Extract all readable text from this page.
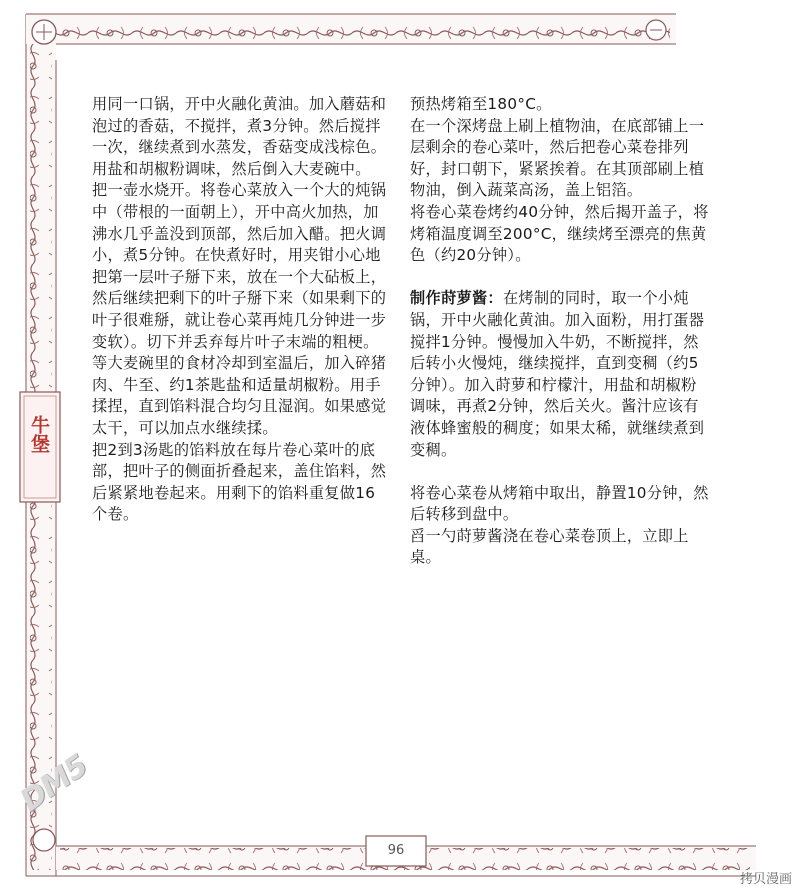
牛堡

用同一口锅，开中火融化黄油。加入蘑菇和泡过的香菇，不搅拌，煮3分钟。然后搅拌一次，继续煮到水蒸发，香菇变成浅棕色。用盐和胡椒粉调味，然后倒入大麦碗中。

把一壶水烧开。将卷心菜放入一个大的炖锅中（带根的一面朝上），开中高火加热，加沸水几乎盖没到顶部，然后加入醋。把火调小，煮5分钟。在快煮好时，用夹钳小心地把第一层叶子掰下来，放在一个大砧板上，然后继续把剩下的叶子掰下来（如果剩下的叶子很难掰，就让卷心菜再炖几分钟进一步变软）。切下并丢弃每片叶子末端的粗梗。

等大麦碗里的食材冷却到室温后，加入碎猪肉、牛至、约1茶匙盐和适量胡椒粉。用手揉捏，直到馅料混合均匀且湿润。如果感觉太干，可以加点水继续揉。

把2到3汤匙的馅料放在每片卷心菜叶的底部，把叶子的侧面折叠起来，盖住馅料，然后紧紧地卷起来。用剩下的馅料重复做16个卷。

预热烤箱至180°C。

在一个深烤盘上刷上植物油，在底部铺上一层剩余的卷心菜叶，然后把卷心菜卷排列好，封口朝下，紧紧挨着。在其顶部刷上植物油，倒入蔬菜高汤，盖上铝箔。

将卷心菜卷烤约40分钟，然后揭开盖子，将烤箱温度调至200°C，继续烤至漂亮的焦黄色（约20分钟）。

制作莳萝酱：在烤制的同时，取一个小炖锅，开中火融化黄油。加入面粉，用打蛋器搅拌1分钟。慢慢加入牛奶，不断搅拌，然后转小火慢炖，继续搅拌，直到变稠（约5分钟）。加入莳萝和柠檬汁，用盐和胡椒粉调味，再煮2分钟，然后关火。酱汁应该有液体蜂蜜般的稠度；如果太稀，就继续煮到变稠。

将卷心菜卷从烤箱中取出，静置10分钟，然后转移到盘中。

舀一勺莳萝酱浇在卷心菜卷顶上，立即上桌。

96
DM5
拷贝漫画
